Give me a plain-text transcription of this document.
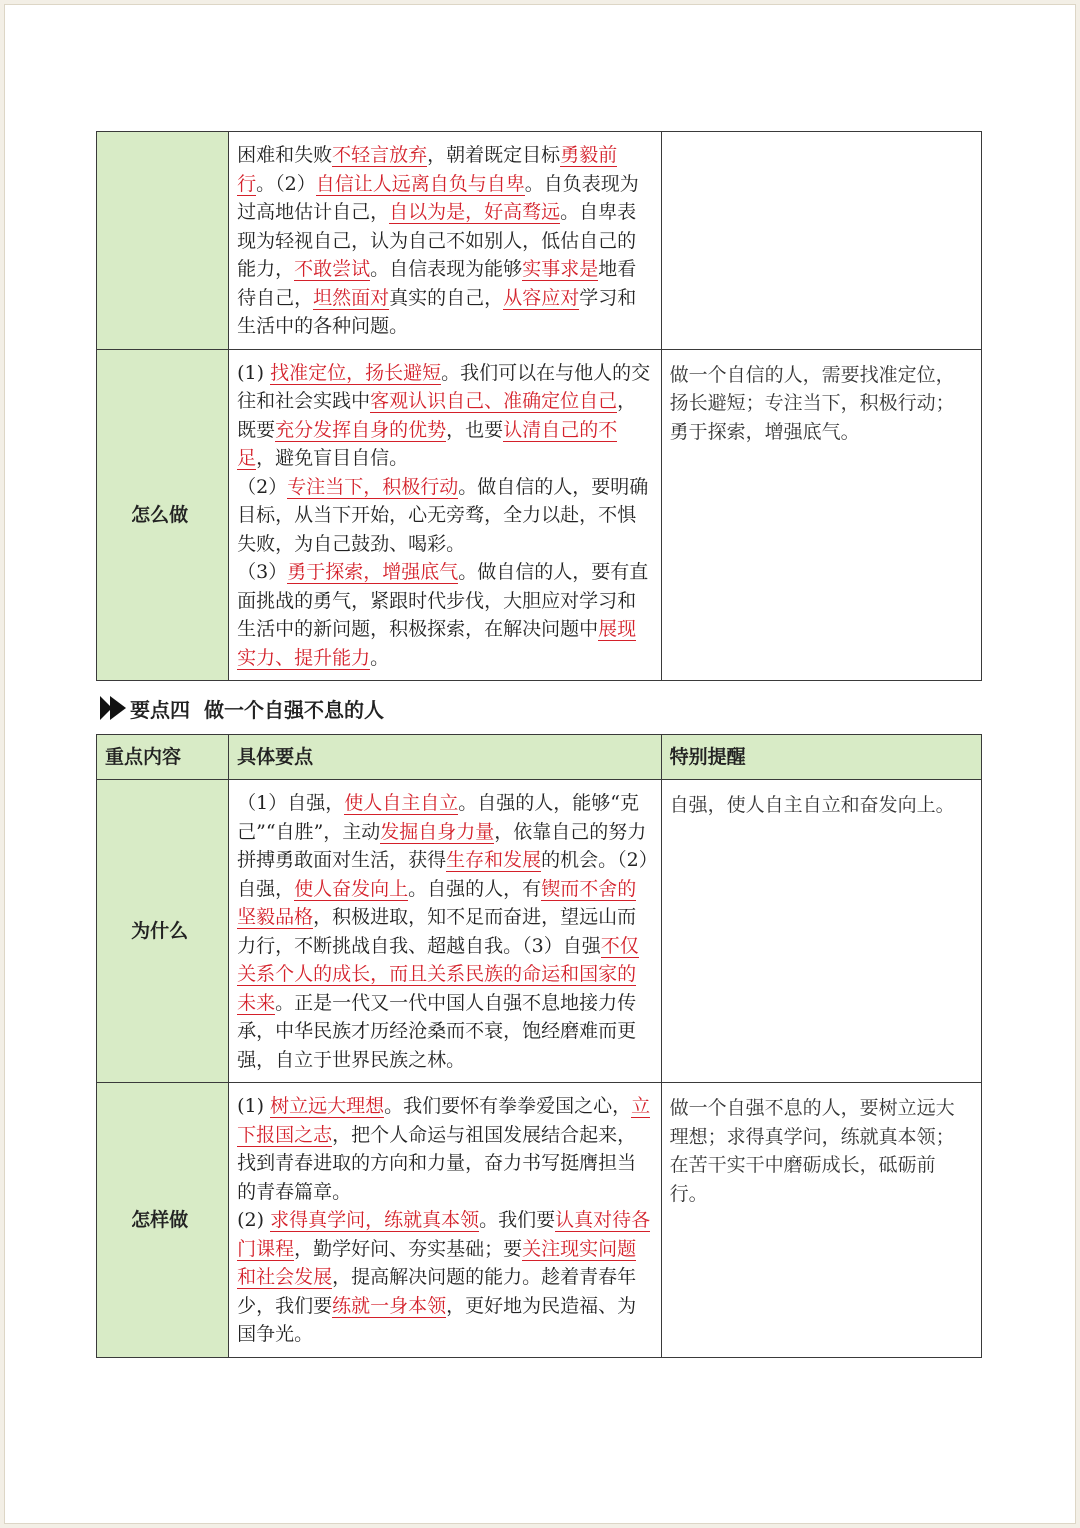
	困难和失败不轻言放弃，朝着既定目标勇毅前行。（2）自信让人远离自负与自卑。自负表现为过高地估计自己，自以为是，好高骛远。自卑表现为轻视自己，认为自己不如别人，低估自己的能力，不敢尝试。自信表现为能够实事求是地看待自己，坦然面对真实的自己，从容应对学习和生活中的各种问题。	
怎么做	(1) 找准定位，扬长避短。我们可以在与他人的交往和社会实践中客观认识自己、准确定位自己，既要充分发挥自身的优势，也要认清自己的不足，避免盲目自信。
（2）专注当下，积极行动。做自信的人，要明确目标，从当下开始，心无旁骛，全力以赴，不惧失败，为自己鼓劲、喝彩。
（3）勇于探索，增强底气。做自信的人，要有直面挑战的勇气，紧跟时代步伐，大胆应对学习和生活中的新问题，积极探索，在解决问题中展现实力、提升能力。	做一个自信的人，需要找准定位，扬长避短；专注当下，积极行动；勇于探索，增强底气。
要点四 做一个自强不息的人
重点内容	具体要点	特别提醒
为什么	（1）自强，使人自主自立。自强的人，能够“克己”“自胜”，主动发掘自身力量，依靠自己的努力拼搏勇敢面对生活，获得生存和发展的机会。（2）自强，使人奋发向上。自强的人，有锲而不舍的坚毅品格，积极进取，知不足而奋进，望远山而力行，不断挑战自我、超越自我。（3）自强不仅关系个人的成长，而且关系民族的命运和国家的未来。正是一代又一代中国人自强不息地接力传承，中华民族才历经沧桑而不衰，饱经磨难而更强，自立于世界民族之林。	自强，使人自主自立和奋发向上。
怎样做	(1) 树立远大理想。我们要怀有拳拳爱国之心，立下报国之志，把个人命运与祖国发展结合起来，找到青春进取的方向和力量，奋力书写挺膺担当的青春篇章。
(2) 求得真学问，练就真本领。我们要认真对待各门课程，勤学好问、夯实基础；要关注现实问题和社会发展，提高解决问题的能力。趁着青春年少，我们要练就一身本领，更好地为民造福、为国争光。	做一个自强不息的人，要树立远大理想；求得真学问，练就真本领；在苦干实干中磨砺成长，砥砺前行。
